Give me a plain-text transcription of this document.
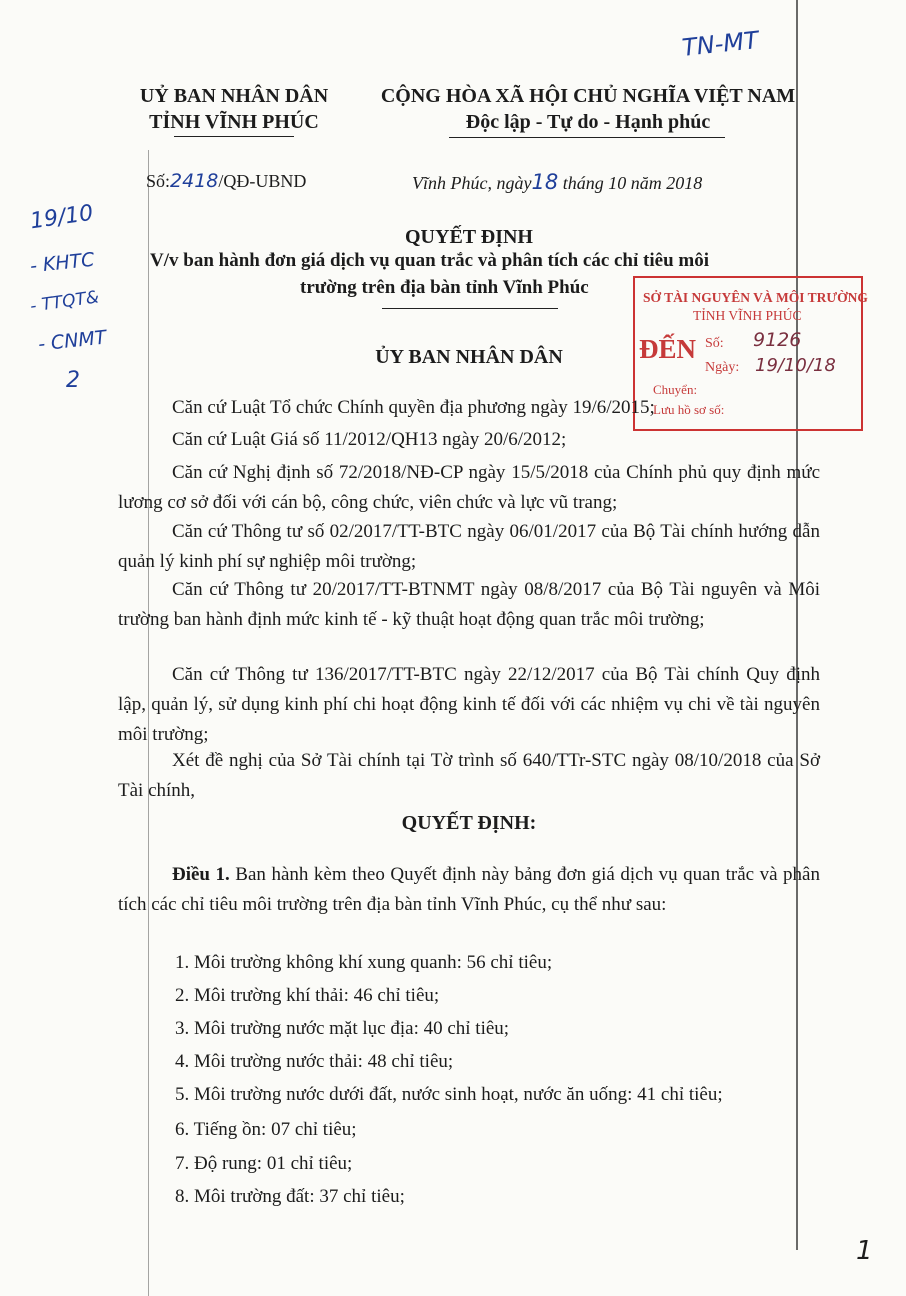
TN-MT
UỶ BAN NHÂN DÂN
TỈNH VĨNH PHÚC
CỘNG HÒA XÃ HỘI CHỦ NGHĨA VIỆT NAM
Độc lập - Tự do - Hạnh phúc
Số:2418/QĐ-UBND	Vĩnh Phúc, ngày18 tháng 10 năm 2018
19/10
- KHTC
- TTQT&
- CNMT
2
QUYẾT ĐỊNH
V/v ban hành đơn giá dịch vụ quan trắc và phân tích các chỉ tiêu môi
trường trên địa bàn tỉnh Vĩnh Phúc	SỞ TÀI NGUYÊN VÀ MÔI TRƯỜNG
TỈNH VĨNH PHÚC
ĐẾN Số: 9126
Ngày: 19/10/18
Chuyển:
Lưu hồ sơ số:
ỦY BAN NHÂN DÂN
Căn cứ Luật Tổ chức Chính quyền địa phương ngày 19/6/2015;
Căn cứ Luật Giá số 11/2012/QH13 ngày 20/6/2012;
Căn cứ Nghị định số 72/2018/NĐ-CP ngày 15/5/2018 của Chính phủ quy định mức lương cơ sở đối với cán bộ, công chức, viên chức và lực vũ trang;
Căn cứ Thông tư số 02/2017/TT-BTC ngày 06/01/2017 của Bộ Tài chính hướng dẫn quản lý kinh phí sự nghiệp môi trường;
Căn cứ Thông tư 20/2017/TT-BTNMT ngày 08/8/2017 của Bộ Tài nguyên và Môi trường ban hành định mức kinh tế - kỹ thuật hoạt động quan trắc môi trường;
Căn cứ Thông tư 136/2017/TT-BTC ngày 22/12/2017 của Bộ Tài chính Quy định lập, quản lý, sử dụng kinh phí chi hoạt động kinh tế đối với các nhiệm vụ chi về tài nguyên môi trường;
Xét đề nghị của Sở Tài chính tại Tờ trình số 640/TTr-STC ngày 08/10/2018 của Sở Tài chính,
QUYẾT ĐỊNH:
Điều 1. Ban hành kèm theo Quyết định này bảng đơn giá dịch vụ quan trắc và phân tích các chỉ tiêu môi trường trên địa bàn tỉnh Vĩnh Phúc, cụ thể như sau:
1. Môi trường không khí xung quanh: 56 chỉ tiêu;
2. Môi trường khí thải: 46 chỉ tiêu;
3. Môi trường nước mặt lục địa: 40 chỉ tiêu;
4. Môi trường nước thải: 48 chỉ tiêu;
5. Môi trường nước dưới đất, nước sinh hoạt, nước ăn uống: 41 chỉ tiêu;
6. Tiếng ồn: 07 chỉ tiêu;
7. Độ rung: 01 chỉ tiêu;
8. Môi trường đất: 37 chỉ tiêu;
1
